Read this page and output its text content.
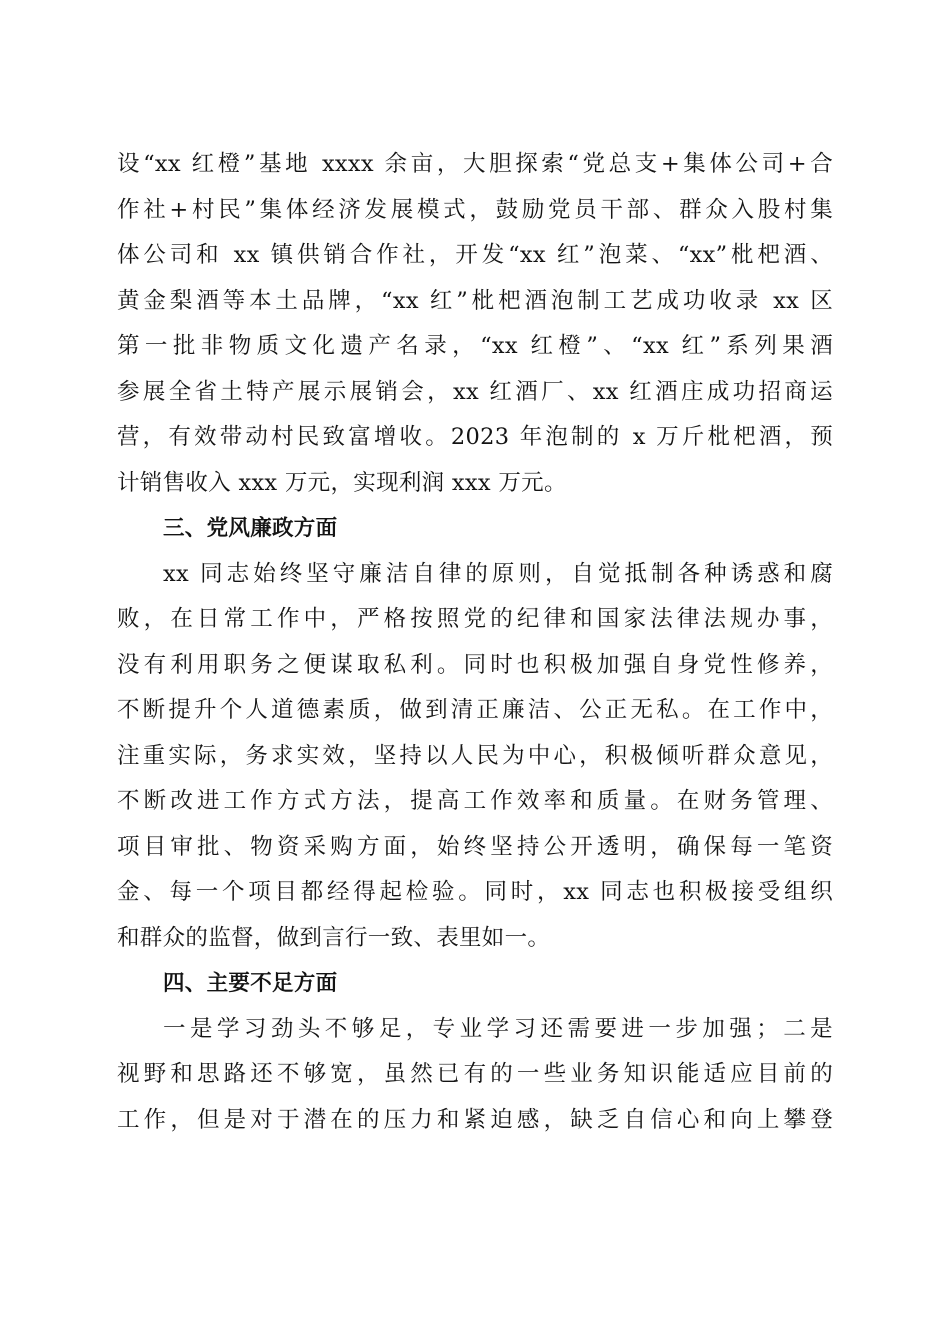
设“xx 红橙”基地 xxxx 余亩，大胆探索“党总支+集体公司+合
作社+村民”集体经济发展模式，鼓励党员干部、群众入股村集
体公司和 xx 镇供销合作社，开发“xx 红”泡菜、“xx”枇杷酒、
黄金梨酒等本土品牌，“xx 红”枇杷酒泡制工艺成功收录 xx 区
第一批非物质文化遗产名录，“xx 红橙”、“xx 红”系列果酒
参展全省土特产展示展销会，xx 红酒厂、xx 红酒庄成功招商运
营，有效带动村民致富增收。2023 年泡制的 x 万斤枇杷酒，预
计销售收入 xxx 万元，实现利润 xxx 万元。
三、党风廉政方面
xx 同志始终坚守廉洁自律的原则，自觉抵制各种诱惑和腐
败，在日常工作中，严格按照党的纪律和国家法律法规办事，
没有利用职务之便谋取私利。同时也积极加强自身党性修养，
不断提升个人道德素质，做到清正廉洁、公正无私。在工作中，
注重实际，务求实效，坚持以人民为中心，积极倾听群众意见，
不断改进工作方式方法，提高工作效率和质量。在财务管理、
项目审批、物资采购方面，始终坚持公开透明，确保每一笔资
金、每一个项目都经得起检验。同时，xx 同志也积极接受组织
和群众的监督，做到言行一致、表里如一。
四、主要不足方面
一是学习劲头不够足，专业学习还需要进一步加强；二是
视野和思路还不够宽，虽然已有的一些业务知识能适应目前的
工作，但是对于潜在的压力和紧迫感，缺乏自信心和向上攀登
